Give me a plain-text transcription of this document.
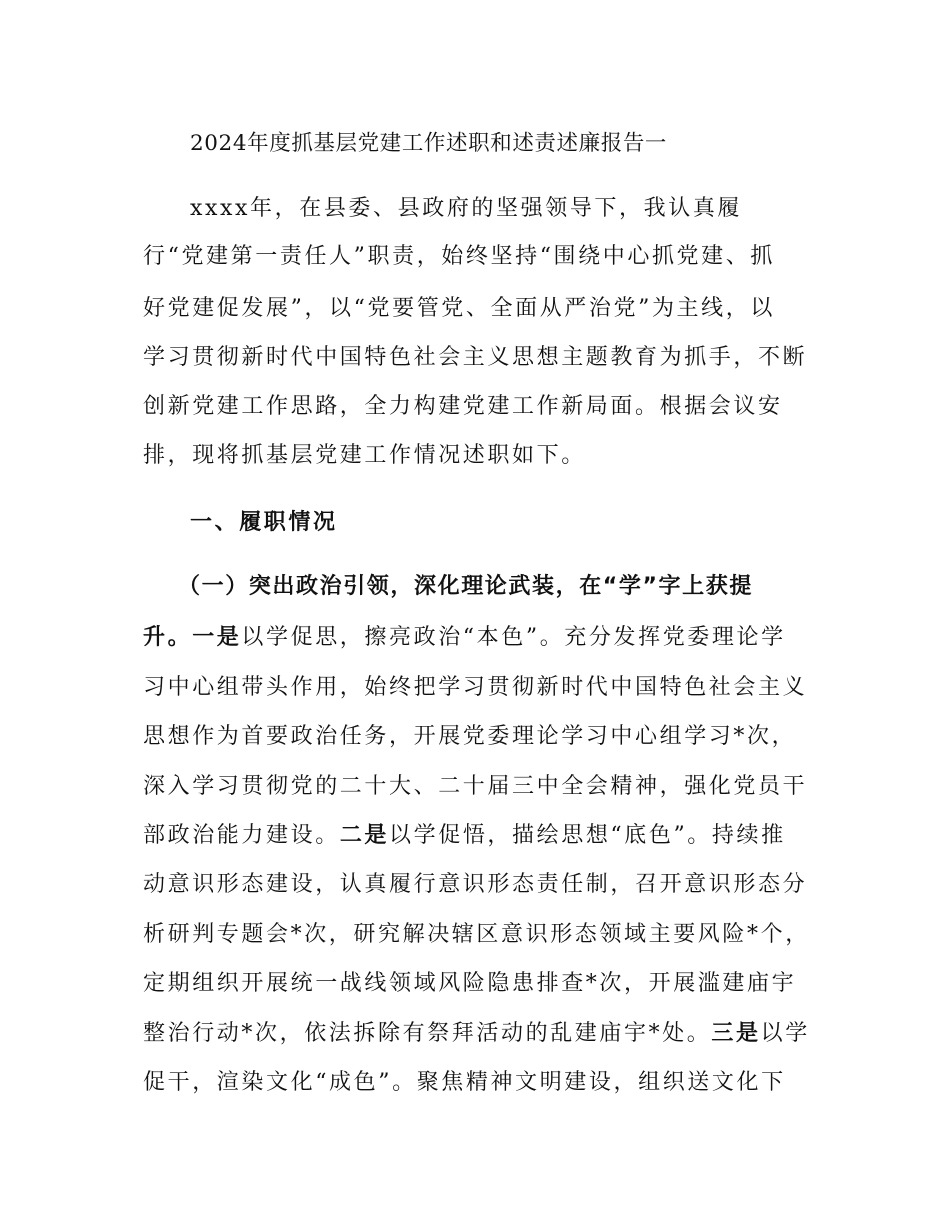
2024年度抓基层党建工作述职和述责述廉报告一
xxxx年，在县委、县政府的坚强领导下，我认真履
行“党建第一责任人”职责，始终坚持“围绕中心抓党建、抓
好党建促发展”，以“党要管党、全面从严治党”为主线，以
学习贯彻新时代中国特色社会主义思想主题教育为抓手，不断
创新党建工作思路，全力构建党建工作新局面。根据会议安
排，现将抓基层党建工作情况述职如下。
一、履职情况
（一）突出政治引领，深化理论武装，在“学”字上获提
升。一是以学促思，擦亮政治“本色”。充分发挥党委理论学
习中心组带头作用，始终把学习贯彻新时代中国特色社会主义
思想作为首要政治任务，开展党委理论学习中心组学习*次，
深入学习贯彻党的二十大、二十届三中全会精神，强化党员干
部政治能力建设。二是以学促悟，描绘思想“底色”。持续推
动意识形态建设，认真履行意识形态责任制，召开意识形态分
析研判专题会*次，研究解决辖区意识形态领域主要风险*个，
定期组织开展统一战线领域风险隐患排查*次，开展滥建庙宇
整治行动*次，依法拆除有祭拜活动的乱建庙宇*处。三是以学
促干，渲染文化“成色”。聚焦精神文明建设，组织送文化下
